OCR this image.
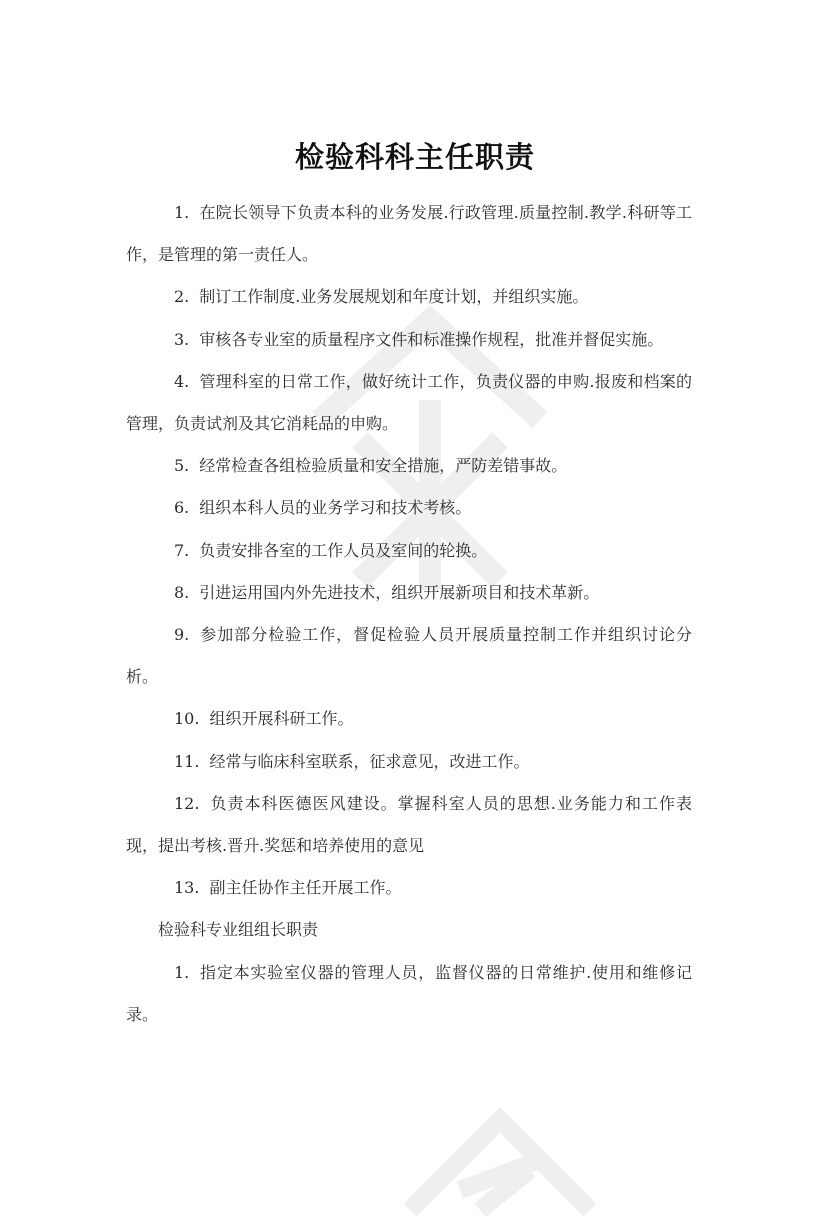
检验科科主任职责

1. 在院长领导下负责本科的业务发展.行政管理.质量控制.教学.科研等工作，是管理的第一责任人。

2. 制订工作制度.业务发展规划和年度计划，并组织实施。

3. 审核各专业室的质量程序文件和标准操作规程，批准并督促实施。

4. 管理科室的日常工作，做好统计工作，负责仪器的申购.报废和档案的管理，负责试剂及其它消耗品的申购。

5. 经常检查各组检验质量和安全措施，严防差错事故。

6. 组织本科人员的业务学习和技术考核。

7. 负责安排各室的工作人员及室间的轮换。

8. 引进运用国内外先进技术，组织开展新项目和技术革新。

9. 参加部分检验工作，督促检验人员开展质量控制工作并组织讨论分析。

10. 组织开展科研工作。

11. 经常与临床科室联系，征求意见，改进工作。

12. 负责本科医德医风建设。掌握科室人员的思想.业务能力和工作表现，提出考核.晋升.奖惩和培养使用的意见

13. 副主任协作主任开展工作。

检验科专业组组长职责

1. 指定本实验室仪器的管理人员，监督仪器的日常维护.使用和维修记录。
